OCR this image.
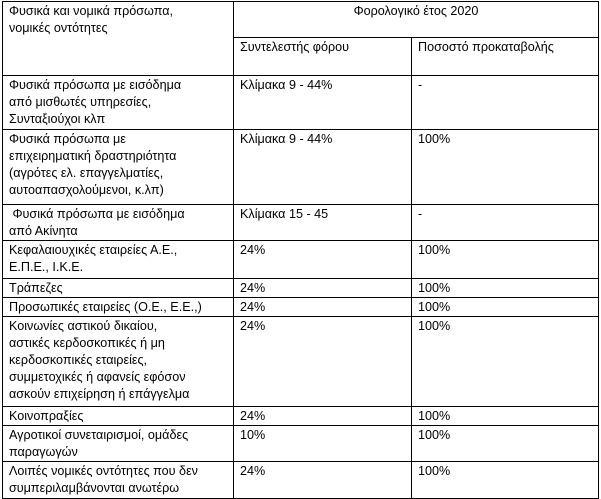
Φυσικά και νομικά πρόσωπα,
νομικές οντότητες	Φορολογικό έτος 2020	
	Συντελεστής φόρου	Ποσοστό προκαταβολής

Φυσικά πρόσωπα με εισόδημα
από μισθωτές υπηρεσίες,
Συνταξιούχοι κλπ	Κλίμακα 9 - 44%	-

Φυσικά πρόσωπα με
επιχειρηματική δραστηριότητα
(αγρότες ελ. επαγγελματίες,
αυτοαπασχολούμενοι, κ.λπ)	Κλίμακα 9 - 44%	100%

Φυσικά πρόσωπα με εισόδημα
από Ακίνητα	Κλίμακα 15 - 45	-

Κεφαλαιουχικές εταιρείες Α.Ε.,
Ε.Π.Ε., Ι.Κ.Ε.	24%	100%

Τράπεζες	24%	100%

Προσωπικές εταιρείες (Ο.Ε., Ε.Ε.,)	24%	100%

Κοινωνίες αστικού δικαίου,
αστικές κερδοσκοπικές ή μη
κερδοσκοπικές εταιρείες,
συμμετοχικές ή αφανείς εφόσον
ασκούν επιχείρηση ή επάγγελμα	24%	100%

Κοινοπραξίες	24%	100%

Αγροτικοί συνεταιρισμοί, ομάδες
παραγωγών	10%	100%

Λοιπές νομικές οντότητες που δεν
συμπεριλαμβάνονται ανωτέρω	24%	100%
